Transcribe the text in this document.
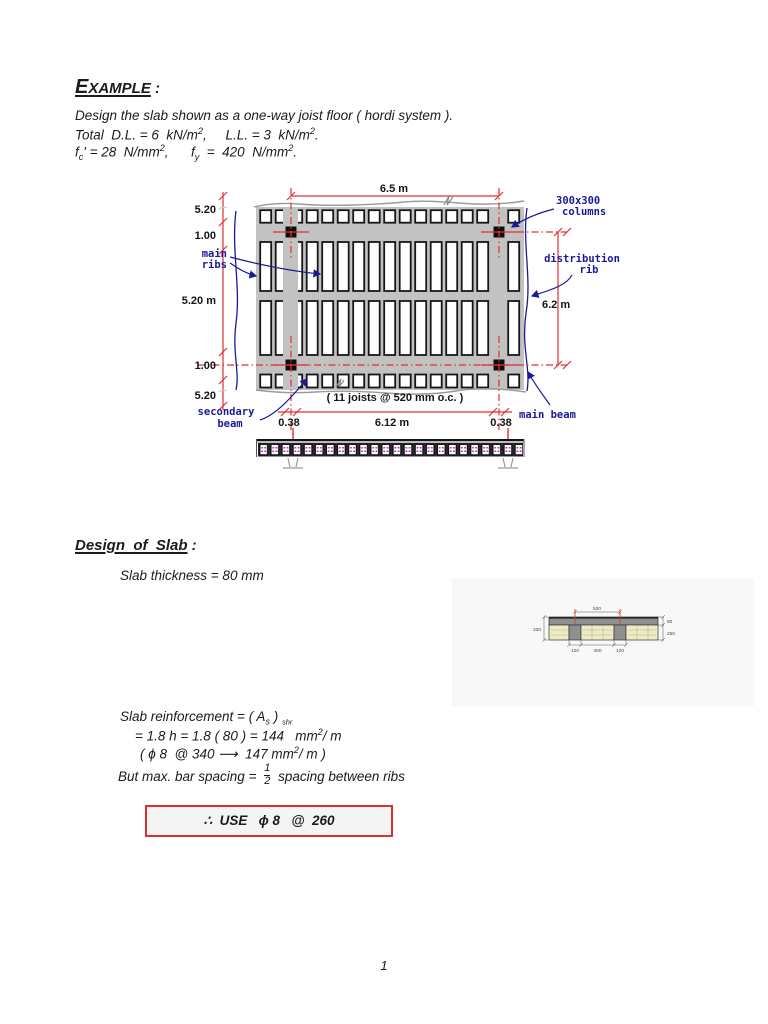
EXAMPLE :
Design the slab shown as a one-way joist floor ( hordi system ).
Total  D.L. = 6  $kN/m^2$,     L.L. = 3  $kN/m^2$.
$f_c' = 28$  $N/mm^2$,      $f_y = 420$  $N/mm^2$.
6.5 m
5.20
1.00
5.20 m
1.00
5.20
6.2 m
( 11 joists @ 520 mm o.c. )
0.38	6.12 m	0.38
main
ribs
300x300
columns
distribution
rib
secondary
beam
main beam
Design  of  Slab :
Slab thickness = 80 mm
520
330
80
250
120	400	120
Slab reinforcement = ( $A_s$ ) $_{shr}$
= 1.8 h = 1.8 ( 80 ) = 144   $mm^2/$ m
( ϕ 8  @ 340 ⟶  147 $mm^2/$ m )
But max. bar spacing = $\frac{1}{2}$ spacing between ribs
∴  USE   ϕ 8   @  260
1
